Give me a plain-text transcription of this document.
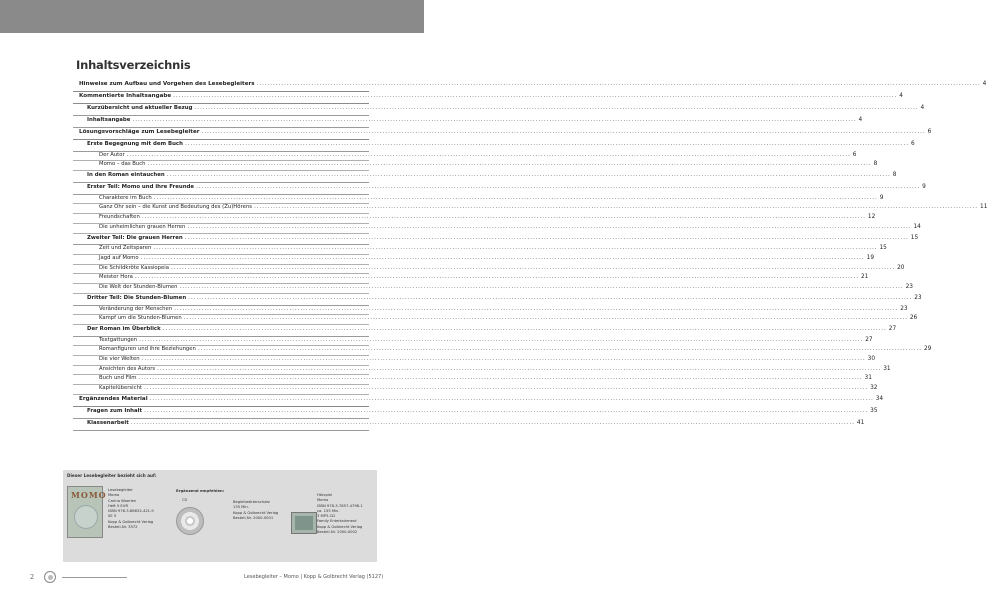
Inhaltsverzeichnis
Hinweise zum Aufbau und Vorgehen des Lesebegleiters .....	4
Kommentierte Inhaltsangabe .....	4
Kurzübersicht und aktueller Bezug .....	4
Inhaltsangabe .....	4
Lösungsvorschläge zum Lesebegleiter .....	6
Erste Begegnung mit dem Buch .....	6
Der Autor .....	6
Momo – das Buch .....	8
In den Roman eintauchen .....	8
Erster Teil: Momo und ihre Freunde .....	9
Charaktere im Buch .....	9
Ganz Ohr sein – die Kunst und Bedeutung des (Zu)Hörens .....	11
Freundschaften .....	12
Die unheimlichen grauen Herren .....	14
Zweiter Teil: Die grauen Herren .....	15
Zeit und Zeitsparen .....	15
Jagd auf Momo .....	19
Die Schildkröte Kassiopeia .....	20
Meister Hora .....	21
Die Welt der Stunden-Blumen .....	23
Dritter Teil: Die Stunden-Blumen .....	23
Veränderung der Menschen .....	23
Kampf um die Stunden-Blumen .....	26
Der Roman im Überblick .....	27
Textgattungen .....	27
Romanfiguren und ihre Beziehungen .....	29
Die vier Welten .....	30
Ansichten des Autors .....	31
Buch und Film .....	31
Kapitelübersicht .....	32
Ergänzendes Material .....	34
Fragen zum Inhalt .....	35
Klassenarbeit .....	41
Dieser Lesebegleiter bezieht sich auf:
Ergänzend empfehlen:
MOMO Lesebegleiter
Momo
Carina Woerlen
Heft 5 EUR
ISBN 978-3-86632-421-9
SE 5
Kopp & Golbrecht Verlag
Bestell-Nr. 3572
CD	Begleitwörterschatz
135 Min.
Kopp & Golbrecht Verlag
Bestell-Nr. 2000-0001
Hörspiel
Momo
ISBN 978-3-7857-4798-1
ca. 155 Min.
3 MP3-CD
Family Entertainment
Kopp & Golbrecht Verlag
Bestell-Nr. 2000-0002
2	Lesebegleiter – Momo | Kopp & Golbrecht Verlag (5127)
